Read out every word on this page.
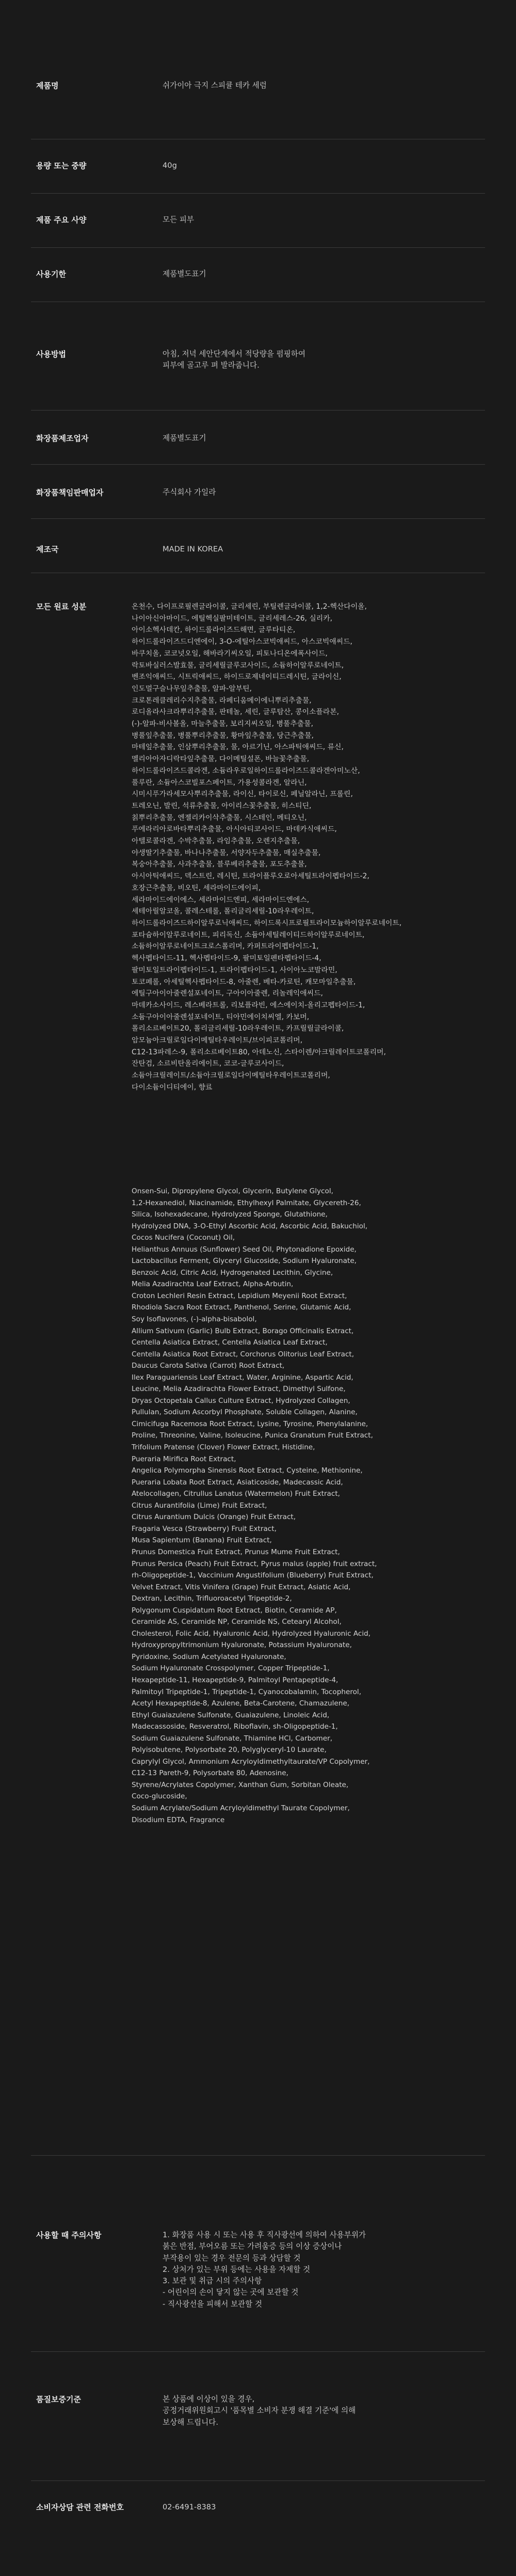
제품명	쉬가이아 극지 스피큘 테카 세럼
용량 또는 중량	40g
제품 주요 사양	모든 피부
사용기한	제품별도표기
사용방법	아침, 저녁 세안단계에서 적당량을 펌핑하여
피부에 골고루 펴 발라줍니다.
화장품제조업자	제품별도표기
화장품책임판매업자	주식회사 가일라
제조국	MADE IN KOREA
모든 원료 성분	온천수, 다이프로필렌글라이콜, 글리세린, 부틸렌글라이콜, 1,2-헥산다이올,
나이아신아마이드, 에틸헥실팔미테이트, 글리세레스-26, 실리카,
아이소헥사데칸, 하이드롤라이즈드해면, 글루타티온,
하이드롤라이즈드디엔에이, 3-O-에틸아스코빅애씨드, 아스코빅애씨드,
바쿠치올, 코코넛오일, 해바라기씨오일, 피토나디온에폭사이드,
락토바실러스발효물, 글리세릴글루코사이드, 소듐하이알루로네이트,
벤조익애씨드, 시트릭애씨드, 하이드로제네이티드레시틴, 글라이신,
인도멀구슬나무잎추출물, 알파-알부틴,
크로톤레클레리수지추출물, 라페디움메이에니뿌리추출물,
로디올라사크라뿌리추출물, 판테놀, 세린, 글루탐산, 콩이소플라본,
(-)-알파-비사볼올, 마늘추출물, 보리지씨오일, 병풀추출물,
병풀잎추출물, 병풀뿌리추출물, 황마잎추출물, 당근추출물,
마테잎추출물, 인삼뿌리추출물, 물, 아르기닌, 아스파틱애씨드, 류신,
멜리아아자디락타잎추출물, 다이메틸설폰, 바늘꽃추출물,
하이드롤라이즈드콜라겐, 소듐라우로일하이드롤라이즈드콜라겐아미노산,
풀루란, 소듐아스코빌포스페이트, 가용성콜라겐, 알라닌,
시미시푸가라세모사뿌리추출물, 라이신, 타이로신, 페닐알라닌, 프롤린,
트레오닌, 발린, 석류추출물, 아이리스꽃추출물, 히스티딘,
칡뿌리추출물, 엔젤리카이삭추출물, 시스테인, 메티오닌,
푸에라리아로바타뿌리추출물, 아시아티코사이드, 마데카식애씨드,
아텔로콜라겐, 수박추출물, 라임추출물, 오렌지추출물,
야생딸기추출물, 바나나추출물, 서양자두추출물, 매실추출물,
복숭아추출물, 사과추출물, 블루베리추출물, 포도추출물,
아시아틱애씨드, 덱스트린, 레시틴, 트라이플루오로아세틸트라이펩타이드-2,
호장근추출물, 비오틴, 세라마이드에이피,
세라마이드에이에스, 세라마이드엔피, 세라마이드엔에스,
세테아릴알코올, 콜레스테롤, 폴리글리세릴-10라우레이트,
하이드롤라이즈드하이알루로닉애씨드, 하이드록시프로필트라이모늄하이알루로네이트,
포타슘하이알루로네이트, 피리독신, 소듐아세틸레이티드하이알루로네이트,
소듐하이알루로네이트크로스폴리머, 카퍼트라이펩타이드-1,
헥사펩타이드-11, 헥사펩타이드-9, 팔미토일펜타펩타이드-4,
팔미토일트라이펩타이드-1, 트라이펩타이드-1, 사이아노코발라민,
토코페롤, 아세틸헥사펩타이드-8, 아줄렌, 베타-카로틴, 캐모마일추출물,
에틸구아이아줄렌설포네이트, 구아이아줄렌, 리놀레익애씨드,
마데카소사이드, 레스베라트롤, 리보플라빈, 에스에이치-올리고펩타이드-1,
소듐구아이아줄렌설포네이트, 티아민에이치씨엘, 카보머,
폴리소르베이트20, 폴리글리세릴-10라우레이트, 카프릴릴글라이콜,
암모늄아크릴로일다이메틸타우레이트/브이피코폴리머,
C12-13파레스-9, 폴리소르베이트80, 아데노신, 스타이렌/아크릴레이트코폴리머,
잔탄검, 소르비탄올리에이트, 코코-글루코사이드,
소듐아크릴레이트/소듐아크릴로일다이메틸타우레이트코폴리머,
다이소듐이디티에이, 향료
Onsen-Sui, Dipropylene Glycol, Glycerin, Butylene Glycol,
1,2-Hexanediol, Niacinamide, Ethylhexyl Palmitate, Glycereth-26,
Silica, Isohexadecane, Hydrolyzed Sponge, Glutathione,
Hydrolyzed DNA, 3-O-Ethyl Ascorbic Acid, Ascorbic Acid, Bakuchiol,
Cocos Nucifera (Coconut) Oil,
Helianthus Annuus (Sunflower) Seed Oil, Phytonadione Epoxide,
Lactobacillus Ferment, Glyceryl Glucoside, Sodium Hyaluronate,
Benzoic Acid, Citric Acid, Hydrogenated Lecithin, Glycine,
Melia Azadirachta Leaf Extract, Alpha-Arbutin,
Croton Lechleri Resin Extract, Lepidium Meyenii Root Extract,
Rhodiola Sacra Root Extract, Panthenol, Serine, Glutamic Acid,
Soy Isoflavones, (-)-alpha-bisabolol,
Allium Sativum (Garlic) Bulb Extract, Borago Officinalis Extract,
Centella Asiatica Extract, Centella Asiatica Leaf Extract,
Centella Asiatica Root Extract, Corchorus Olitorius Leaf Extract,
Daucus Carota Sativa (Carrot) Root Extract,
Ilex Paraguariensis Leaf Extract, Water, Arginine, Aspartic Acid,
Leucine, Melia Azadirachta Flower Extract, Dimethyl Sulfone,
Dryas Octopetala Callus Culture Extract, Hydrolyzed Collagen,
Pullulan, Sodium Ascorbyl Phosphate, Soluble Collagen, Alanine,
Cimicifuga Racemosa Root Extract, Lysine, Tyrosine, Phenylalanine,
Proline, Threonine, Valine, Isoleucine, Punica Granatum Fruit Extract,
Trifolium Pratense (Clover) Flower Extract, Histidine,
Pueraria Mirifica Root Extract,
Angelica Polymorpha Sinensis Root Extract, Cysteine, Methionine,
Pueraria Lobata Root Extract, Asiaticoside, Madecassic Acid,
Atelocollagen, Citrullus Lanatus (Watermelon) Fruit Extract,
Citrus Aurantifolia (Lime) Fruit Extract,
Citrus Aurantium Dulcis (Orange) Fruit Extract,
Fragaria Vesca (Strawberry) Fruit Extract,
Musa Sapientum (Banana) Fruit Extract,
Prunus Domestica Fruit Extract, Prunus Mume Fruit Extract,
Prunus Persica (Peach) Fruit Extract, Pyrus malus (apple) fruit extract,
rh-Oligopeptide-1, Vaccinium Angustifolium (Blueberry) Fruit Extract,
Velvet Extract, Vitis Vinifera (Grape) Fruit Extract, Asiatic Acid,
Dextran, Lecithin, Trifluoroacetyl Tripeptide-2,
Polygonum Cuspidatum Root Extract, Biotin, Ceramide AP,
Ceramide AS, Ceramide NP, Ceramide NS, Cetearyl Alcohol,
Cholesterol, Folic Acid, Hyaluronic Acid, Hydrolyzed Hyaluronic Acid,
Hydroxypropyltrimonium Hyaluronate, Potassium Hyaluronate,
Pyridoxine, Sodium Acetylated Hyaluronate,
Sodium Hyaluronate Crosspolymer, Copper Tripeptide-1,
Hexapeptide-11, Hexapeptide-9, Palmitoyl Pentapeptide-4,
Palmitoyl Tripeptide-1, Tripeptide-1, Cyanocobalamin, Tocopherol,
Acetyl Hexapeptide-8, Azulene, Beta-Carotene, Chamazulene,
Ethyl Guaiazulene Sulfonate, Guaiazulene, Linoleic Acid,
Madecassoside, Resveratrol, Riboflavin, sh-Oligopeptide-1,
Sodium Guaiazulene Sulfonate, Thiamine HCl, Carbomer,
Polyisobutene, Polysorbate 20, Polyglyceryl-10 Laurate,
Caprylyl Glycol, Ammonium Acryloyldimethyltaurate/VP Copolymer,
C12-13 Pareth-9, Polysorbate 80, Adenosine,
Styrene/Acrylates Copolymer, Xanthan Gum, Sorbitan Oleate,
Coco-glucoside,
Sodium Acrylate/Sodium Acryloyldimethyl Taurate Copolymer,
Disodium EDTA, Fragrance
사용할 때 주의사항	1. 화장품 사용 시 또는 사용 후 직사광선에 의하여 사용부위가
붉은 반점, 부어오름 또는 가려움증 등의 이상 증상이나
부작용이 있는 경우 전문의 등과 상담할 것
2. 상처가 있는 부위 등에는 사용을 자제할 것
3. 보관 및 취급 시의 주의사항
- 어린이의 손이 닿지 않는 곳에 보관할 것
- 직사광선을 피해서 보관할 것
품질보증기준	본 상품에 이상이 있을 경우,
공정거래위원회고시 '품목별 소비자 분쟁 해결 기준'에 의해
보상해 드립니다.
소비자상담 관련 전화번호	02-6491-8383
